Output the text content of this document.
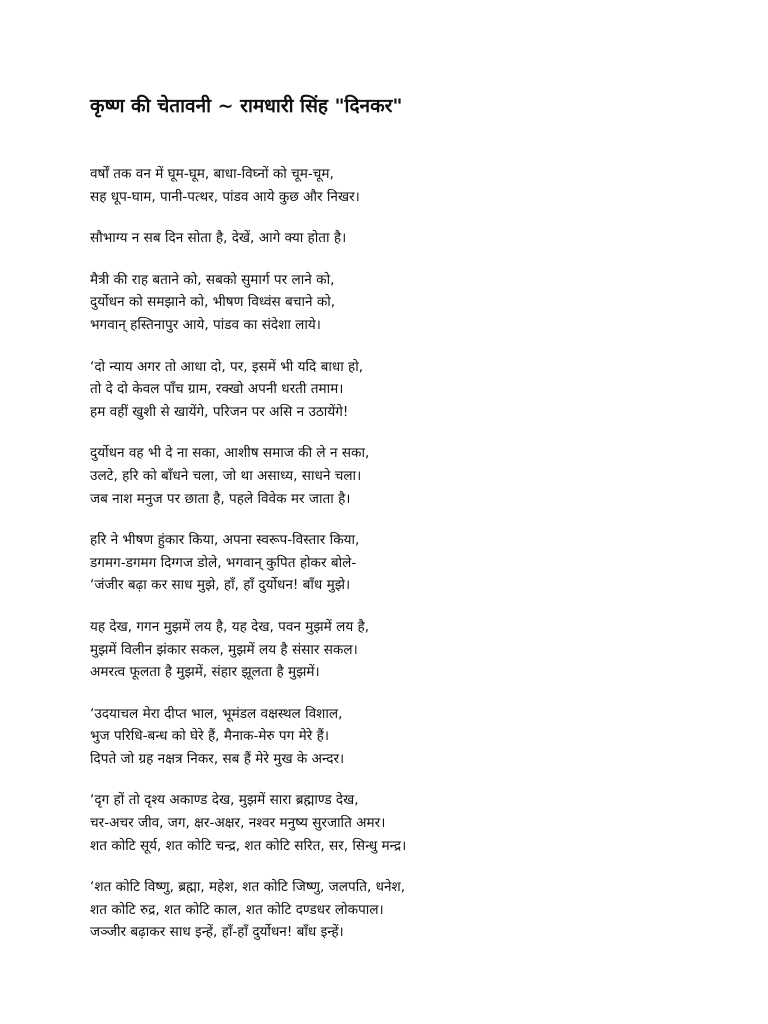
कृष्ण की चेतावनी ~ रामधारी सिंह "दिनकर"
वर्षों तक वन में घूम-घूम, बाधा-विघ्नों को चूम-चूम,
सह धूप-घाम, पानी-पत्थर, पांडव आये कुछ और निखर।
सौभाग्य न सब दिन सोता है, देखें, आगे क्या होता है।
मैत्री की राह बताने को, सबको सुमार्ग पर लाने को,
दुर्योधन को समझाने को, भीषण विध्वंस बचाने को,
भगवान् हस्तिनापुर आये, पांडव का संदेशा लाये।
‘दो न्याय अगर तो आधा दो, पर, इसमें भी यदि बाधा हो,
तो दे दो केवल पाँच ग्राम, रक्खो अपनी धरती तमाम।
हम वहीं खुशी से खायेंगे, परिजन पर असि न उठायेंगे!
दुर्योधन वह भी दे ना सका, आशीष समाज की ले न सका,
उलटे, हरि को बाँधने चला, जो था असाध्य, साधने चला।
जब नाश मनुज पर छाता है, पहले विवेक मर जाता है।
हरि ने भीषण हुंकार किया, अपना स्वरूप-विस्तार किया,
डगमग-डगमग दिग्गज डोले, भगवान् कुपित होकर बोले-
‘जंजीर बढ़ा कर साध मुझे, हाँ, हाँ दुर्योधन! बाँध मुझे।
यह देख, गगन मुझमें लय है, यह देख, पवन मुझमें लय है,
मुझमें विलीन झंकार सकल, मुझमें लय है संसार सकल।
अमरत्व फूलता है मुझमें, संहार झूलता है मुझमें।
‘उदयाचल मेरा दीप्त भाल, भूमंडल वक्षस्थल विशाल,
भुज परिधि-बन्ध को घेरे हैं, मैनाक-मेरु पग मेरे हैं।
दिपते जो ग्रह नक्षत्र निकर, सब हैं मेरे मुख के अन्दर।
‘दृग हों तो दृश्य अकाण्ड देख, मुझमें सारा ब्रह्माण्ड देख,
चर-अचर जीव, जग, क्षर-अक्षर, नश्वर मनुष्य सुरजाति अमर।
शत कोटि सूर्य, शत कोटि चन्द्र, शत कोटि सरित, सर, सिन्धु मन्द्र।
‘शत कोटि विष्णु, ब्रह्मा, महेश, शत कोटि जिष्णु, जलपति, धनेश,
शत कोटि रुद्र, शत कोटि काल, शत कोटि दण्डधर लोकपाल।
जञ्जीर बढ़ाकर साध इन्हें, हाँ-हाँ दुर्योधन! बाँध इन्हें।
